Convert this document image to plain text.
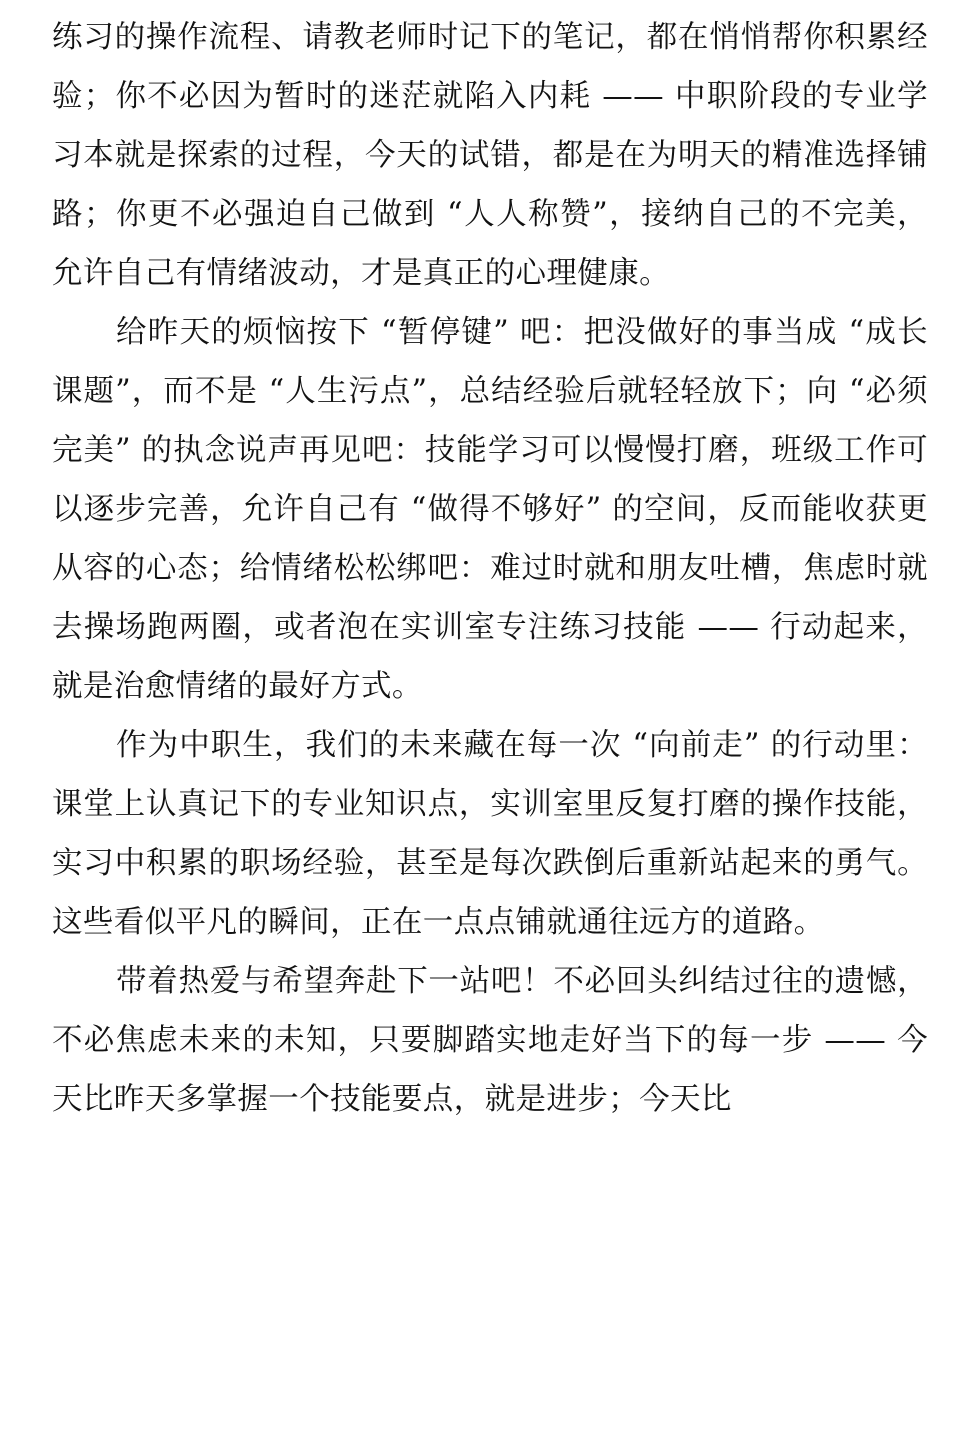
练习的操作流程、请教老师时记下的笔记，都在悄悄帮你积累经验；你不必因为暂时的迷茫就陷入内耗 —— 中职阶段的专业学习本就是探索的过程，今天的试错，都是在为明天的精准选择铺路；你更不必强迫自己做到 “人人称赞”，接纳自己的不完美，允许自己有情绪波动，才是真正的心理健康。

给昨天的烦恼按下 “暂停键” 吧：把没做好的事当成 “成长课题”，而不是 “人生污点”，总结经验后就轻轻放下；向 “必须完美” 的执念说声再见吧：技能学习可以慢慢打磨，班级工作可以逐步完善，允许自己有 “做得不够好” 的空间，反而能收获更从容的心态；给情绪松松绑吧：难过时就和朋友吐槽，焦虑时就去操场跑两圈，或者泡在实训室专注练习技能 —— 行动起来，就是治愈情绪的最好方式。

作为中职生，我们的未来藏在每一次 “向前走” 的行动里：课堂上认真记下的专业知识点，实训室里反复打磨的操作技能，实习中积累的职场经验，甚至是每次跌倒后重新站起来的勇气。这些看似平凡的瞬间，正在一点点铺就通往远方的道路。

带着热爱与希望奔赴下一站吧！不必回头纠结过往的遗憾，不必焦虑未来的未知，只要脚踏实地走好当下的每一步 —— 今天比昨天多掌握一个技能要点，就是进步；今天比
